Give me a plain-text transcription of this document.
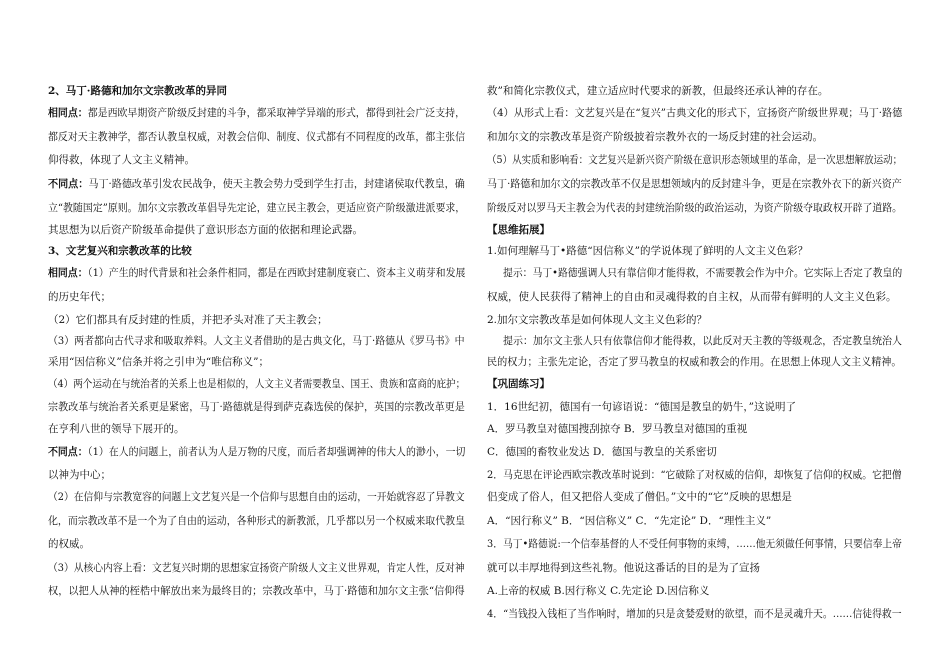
2、马丁·路德和加尔文宗教改革的异同
相同点：都是西欧早期资产阶级反封建的斗争，都采取神学异端的形式，都得到社会广泛支持，
都反对天主教神学，都否认教皇权威，对教会信仰、制度、仪式都有不同程度的改革，都主张信
仰得救，体现了人文主义精神。
不同点：马丁·路德改革引发农民战争，使天主教会势力受到学生打击，封建诸侯取代教皇，确
立“教随国定”原则。加尔文宗教改革倡导先定论，建立民主教会，更适应资产阶级激进派要求，
其思想为以后资产阶级革命提供了意识形态方面的依据和理论武器。
3、文艺复兴和宗教改革的比较
相同点：（1）产生的时代背景和社会条件相同，都是在西欧封建制度衰亡、资本主义萌芽和发展
的历史年代；
（2）它们都具有反封建的性质，并把矛头对准了天主教会；
（3）两者都向古代寻求和吸取养料。人文主义者借助的是古典文化，马丁·路德从《罗马书》中
采用“因信称义”信条并将之引申为“唯信称义”；
（4）两个运动在与统治者的关系上也是相似的，人文主义者需要教皇、国王、贵族和富商的庇护；
宗教改革与统治者关系更是紧密，马丁·路德就是得到萨克森选侯的保护，英国的宗教改革更是
在亨利八世的领导下展开的。
不同点：（1）在人的问题上，前者认为人是万物的尺度，而后者却强调神的伟大人的渺小，一切
以神为中心；
（2）在信仰与宗教宽容的问题上文艺复兴是一个信仰与思想自由的运动，一开始就容忍了异教文
化，而宗教改革不是一个为了自由的运动，各种形式的新教派，几乎都以另一个权威来取代教皇
的权威。
（3）从核心内容上看：文艺复兴时期的思想家宣扬资产阶级人文主义世界观，肯定人性，反对神
权，以把人从神的桎梏中解放出来为最终目的；宗教改革中，马丁·路德和加尔文主张“信仰得
救”和简化宗教仪式，建立适应时代要求的新教，但最终还承认神的存在。
（4）从形式上看：文艺复兴是在“复兴”古典文化的形式下，宣扬资产阶级世界观；马丁·路德
和加尔文的宗教改革是资产阶级披着宗教外衣的一场反封建的社会运动。
（5）从实质和影响看：文艺复兴是新兴资产阶级在意识形态领域里的革命，是一次思想解放运动；
马丁·路德和加尔文的宗教改革不仅是思想领域内的反封建斗争，更是在宗教外衣下的新兴资产
阶级反对以罗马天主教会为代表的封建统治阶级的政治运动，为资产阶级夺取政权开辟了道路。
【思维拓展】
1.如何理解马丁•路德“因信称义”的学说体现了鲜明的人文主义色彩？
提示：马丁•路德强调人只有靠信仰才能得救，不需要教会作为中介。它实际上否定了教皇的
权威，使人民获得了精神上的自由和灵魂得救的自主权，从而带有鲜明的人文主义色彩。
2.加尔文宗教改革是如何体现人文主义色彩的？
提示：加尔文主张人只有依靠信仰才能得救，以此反对天主教的等级观念，否定教皇统治人
民的权力；主张先定论，否定了罗马教皇的权威和教会的作用。在思想上体现人文主义精神。
【巩固练习】
1．16世纪初，德国有一句谚语说：“德国是教皇的奶牛，”这说明了
A．罗马教皇对德国搜刮掠夺 B．罗马教皇对德国的重视
C．德国的畜牧业发达 D．德国与教皇的关系密切
2．马克思在评论西欧宗教改革时说到：“它破除了对权威的信仰，却恢复了信仰的权威。它把僧
侣变成了俗人，但又把俗人变成了僧侣。”文中的“它”反映的思想是
A．“因行称义” B．“因信称义” C．“先定论” D．“理性主义”
3．马丁•路德说:一个信奉基督的人不受任何事物的束缚，……他无须做任何事情，只要信奉上帝
就可以丰厚地得到这些礼物。他说这番话的目的是为了宣扬
A.上帝的权威 B.因行称义 C.先定论 D.因信称义
4．“当钱投入钱柜了当作响时，增加的只是贪婪爱财的欲望，而不是灵魂升天。……信徒得救一
